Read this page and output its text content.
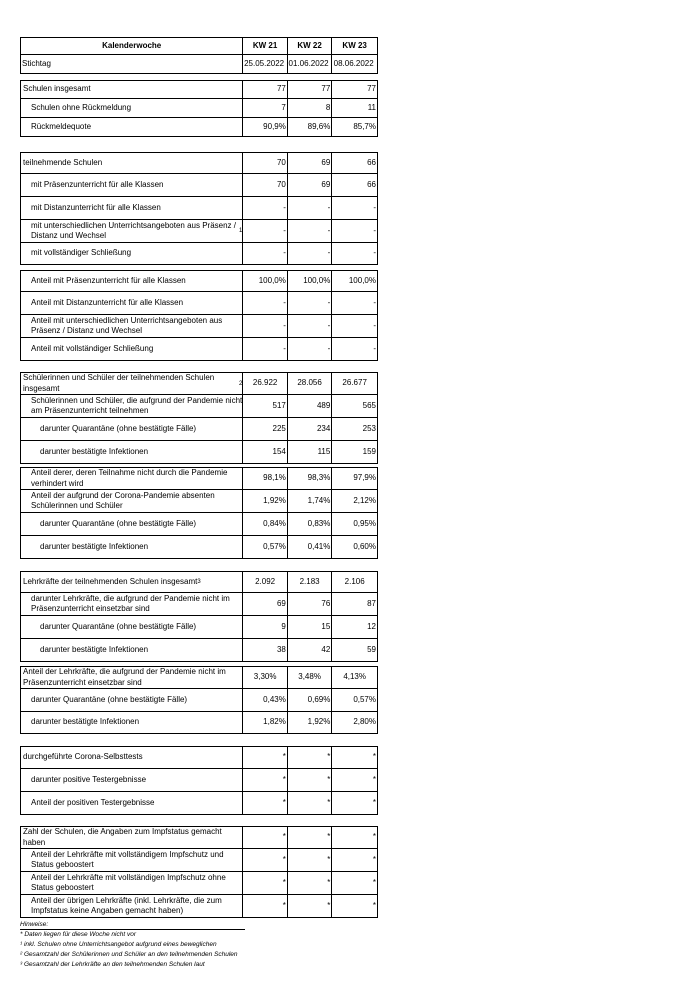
Kalenderwoche	KW 21	KW 22	KW 23
Stichtag	25.05.2022 01.06.2022 08.06.2022
Schulen insgesamt	77	77	77
Schulen ohne Rückmeldung	7	8	11
Rückmeldequote	90,9%	89,6%	85,7%
teilnehmende Schulen	70	69	66
mit Präsenzunterricht für alle Klassen	70	69	66
mit Distanzunterricht für alle Klassen	-	-	-
mit unterschiedlichen Unterrichtsangeboten aus Präsenz / Distanz und Wechsel	1	-	-	-
mit vollständiger Schließung	-	-	-
Anteil mit Präsenzunterricht für alle Klassen	100,0%	100,0%	100,0%
Anteil mit Distanzunterricht für alle Klassen	-	-	-
Anteil mit unterschiedlichen Unterrichtsangeboten aus Präsenz / Distanz und Wechsel
-	-	-
Anteil mit vollständiger Schließung	-	-	-
Schülerinnen und Schüler der teilnehmenden Schulen insgesamt	2	26.922	28.056	26.677
Schülerinnen und Schüler, die aufgrund der Pandemie nicht am Präsenzunterricht teilnehmen
517	489	565
darunter Quarantäne (ohne bestätigte Fälle)	225	234	253
darunter bestätigte Infektionen	154	115	159
Anteil derer, deren Teilnahme nicht durch die Pandemie verhindert wird
98,1%	98,3%	97,9%
Anteil der aufgrund der Corona-Pandemie absenten Schülerinnen und Schüler
1,92%	1,74%	2,12%
darunter Quarantäne (ohne bestätigte Fälle)	0,84%	0,83%	0,95%
darunter bestätigte Infektionen	0,57%	0,41%	0,60%
Lehrkräfte der teilnehmenden Schulen insgesamt 3	2.092	2.183	2.106
darunter Lehrkräfte, die aufgrund der Pandemie nicht im Präsenzunterricht einsetzbar sind
69	76	87
darunter Quarantäne (ohne bestätigte Fälle)	9	15	12
darunter bestätigte Infektionen	38	42	59
Anteil der Lehrkräfte, die aufgrund der Pandemie nicht im Präsenzunterricht einsetzbar sind
3,30%	3,48%	4,13%
darunter Quarantäne (ohne bestätigte Fälle)	0,43%	0,69%	0,57%
darunter bestätigte Infektionen	1,82%	1,92%	2,80%
durchgeführte Corona-Selbsttests	*	*	*
darunter positive Testergebnisse	*	*	*
Anteil der positiven Testergebnisse	*	*	*
Zahl der Schulen, die Angaben zum Impfstatus gemacht haben
*	*	*
Anteil der Lehrkräfte mit vollständigem Impfschutz und Status geboostert
*	*	*
Anteil der Lehrkräfte mit vollständigen Impfschutz ohne Status geboostert
*	*	*
Anteil der übrigen Lehrkräfte (inkl. Lehrkräfte, die zum Impfstatus keine Angaben gemacht haben)
*	*	*
Hinweise:
* Daten liegen für diese Woche nicht vor
¹ inkl. Schulen ohne Unterrichtsangebot aufgrund eines beweglichen
² Gesamtzahl der Schülerinnen und Schüler an den teilnehmenden Schulen
³ Gesamtzahl der Lehrkräfte an den teilnehmenden Schulen laut
